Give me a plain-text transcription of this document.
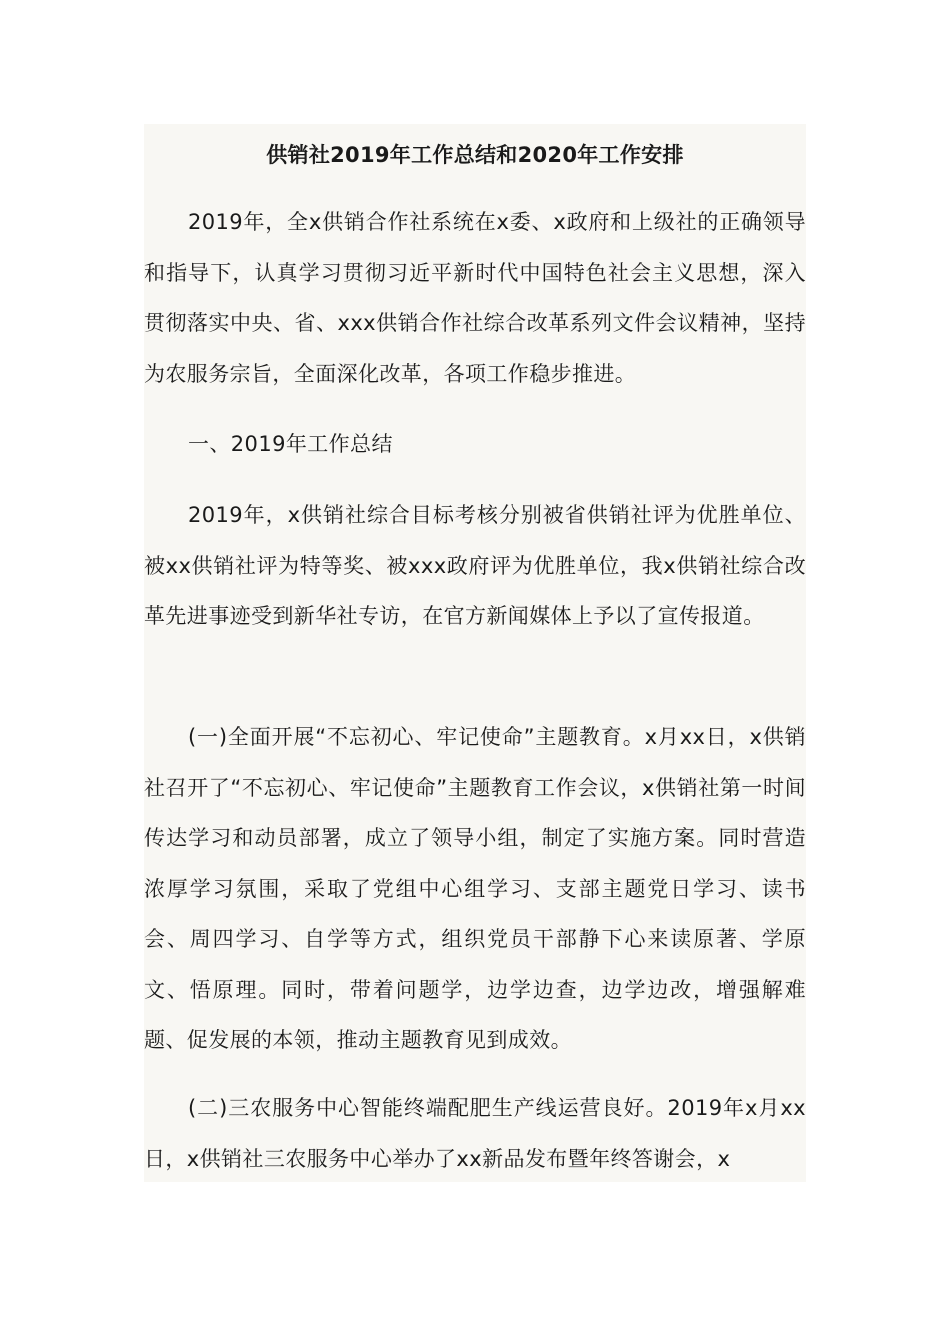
供销社2019年工作总结和2020年工作安排

2019年，全x供销合作社系统在x委、x政府和上级社的正确领导和指导下，认真学习贯彻习近平新时代中国特色社会主义思想，深入贯彻落实中央、省、xxx供销合作社综合改革系列文件会议精神，坚持为农服务宗旨，全面深化改革，各项工作稳步推进。

一、2019年工作总结

2019年，x供销社综合目标考核分别被省供销社评为优胜单位、被xx供销社评为特等奖、被xxx政府评为优胜单位，我x供销社综合改革先进事迹受到新华社专访，在官方新闻媒体上予以了宣传报道。

(一)全面开展“不忘初心、牢记使命”主题教育。x月xx日，x供销社召开了“不忘初心、牢记使命”主题教育工作会议，x供销社第一时间传达学习和动员部署，成立了领导小组，制定了实施方案。同时营造浓厚学习氛围，采取了党组中心组学习、支部主题党日学习、读书会、周四学习、自学等方式，组织党员干部静下心来读原著、学原文、悟原理。同时，带着问题学，边学边查，边学边改，增强解难题、促发展的本领，推动主题教育见到成效。

(二)三农服务中心智能终端配肥生产线运营良好。2019年x月xx日，x供销社三农服务中心举办了xx新品发布暨年终答谢会，x
